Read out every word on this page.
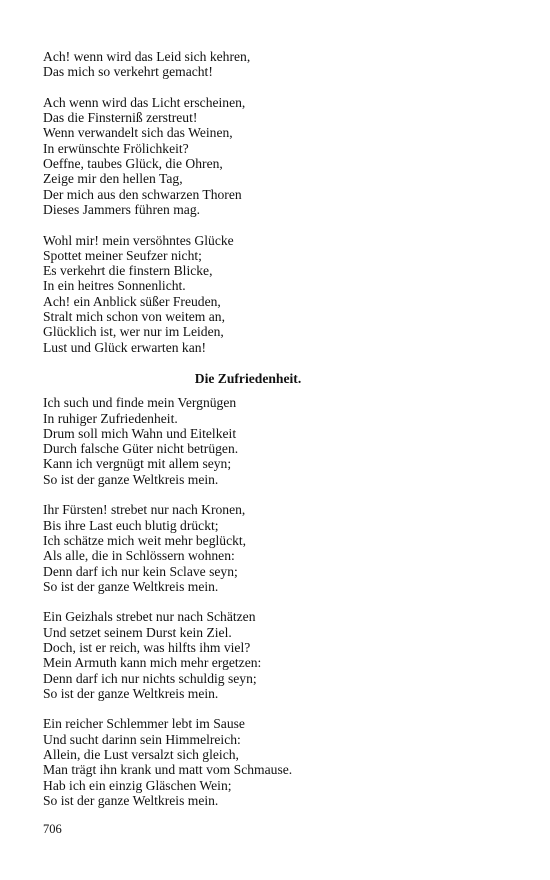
Ach! wenn wird das Leid sich kehren,
Das mich so verkehrt gemacht!
Ach wenn wird das Licht erscheinen,
Das die Finsterniß zerstreut!
Wenn verwandelt sich das Weinen,
In erwünschte Frölichkeit?
Oeffne, taubes Glück, die Ohren,
Zeige mir den hellen Tag,
Der mich aus den schwarzen Thoren
Dieses Jammers führen mag.
Wohl mir! mein versöhntes Glücke
Spottet meiner Seufzer nicht;
Es verkehrt die finstern Blicke,
In ein heitres Sonnenlicht.
Ach! ein Anblick süßer Freuden,
Stralt mich schon von weitem an,
Glücklich ist, wer nur im Leiden,
Lust und Glück erwarten kan!
Die Zufriedenheit.
Ich such und finde mein Vergnügen
In ruhiger Zufriedenheit.
Drum soll mich Wahn und Eitelkeit
Durch falsche Güter nicht betrügen.
Kann ich vergnügt mit allem seyn;
So ist der ganze Weltkreis mein.
Ihr Fürsten! strebet nur nach Kronen,
Bis ihre Last euch blutig drückt;
Ich schätze mich weit mehr beglückt,
Als alle, die in Schlössern wohnen:
Denn darf ich nur kein Sclave seyn;
So ist der ganze Weltkreis mein.
Ein Geizhals strebet nur nach Schätzen
Und setzet seinem Durst kein Ziel.
Doch, ist er reich, was hilfts ihm viel?
Mein Armuth kann mich mehr ergetzen:
Denn darf ich nur nichts schuldig seyn;
So ist der ganze Weltkreis mein.
Ein reicher Schlemmer lebt im Sause
Und sucht darinn sein Himmelreich:
Allein, die Lust versalzt sich gleich,
Man trägt ihn krank und matt vom Schmause.
Hab ich ein einzig Gläschen Wein;
So ist der ganze Weltkreis mein.
706
